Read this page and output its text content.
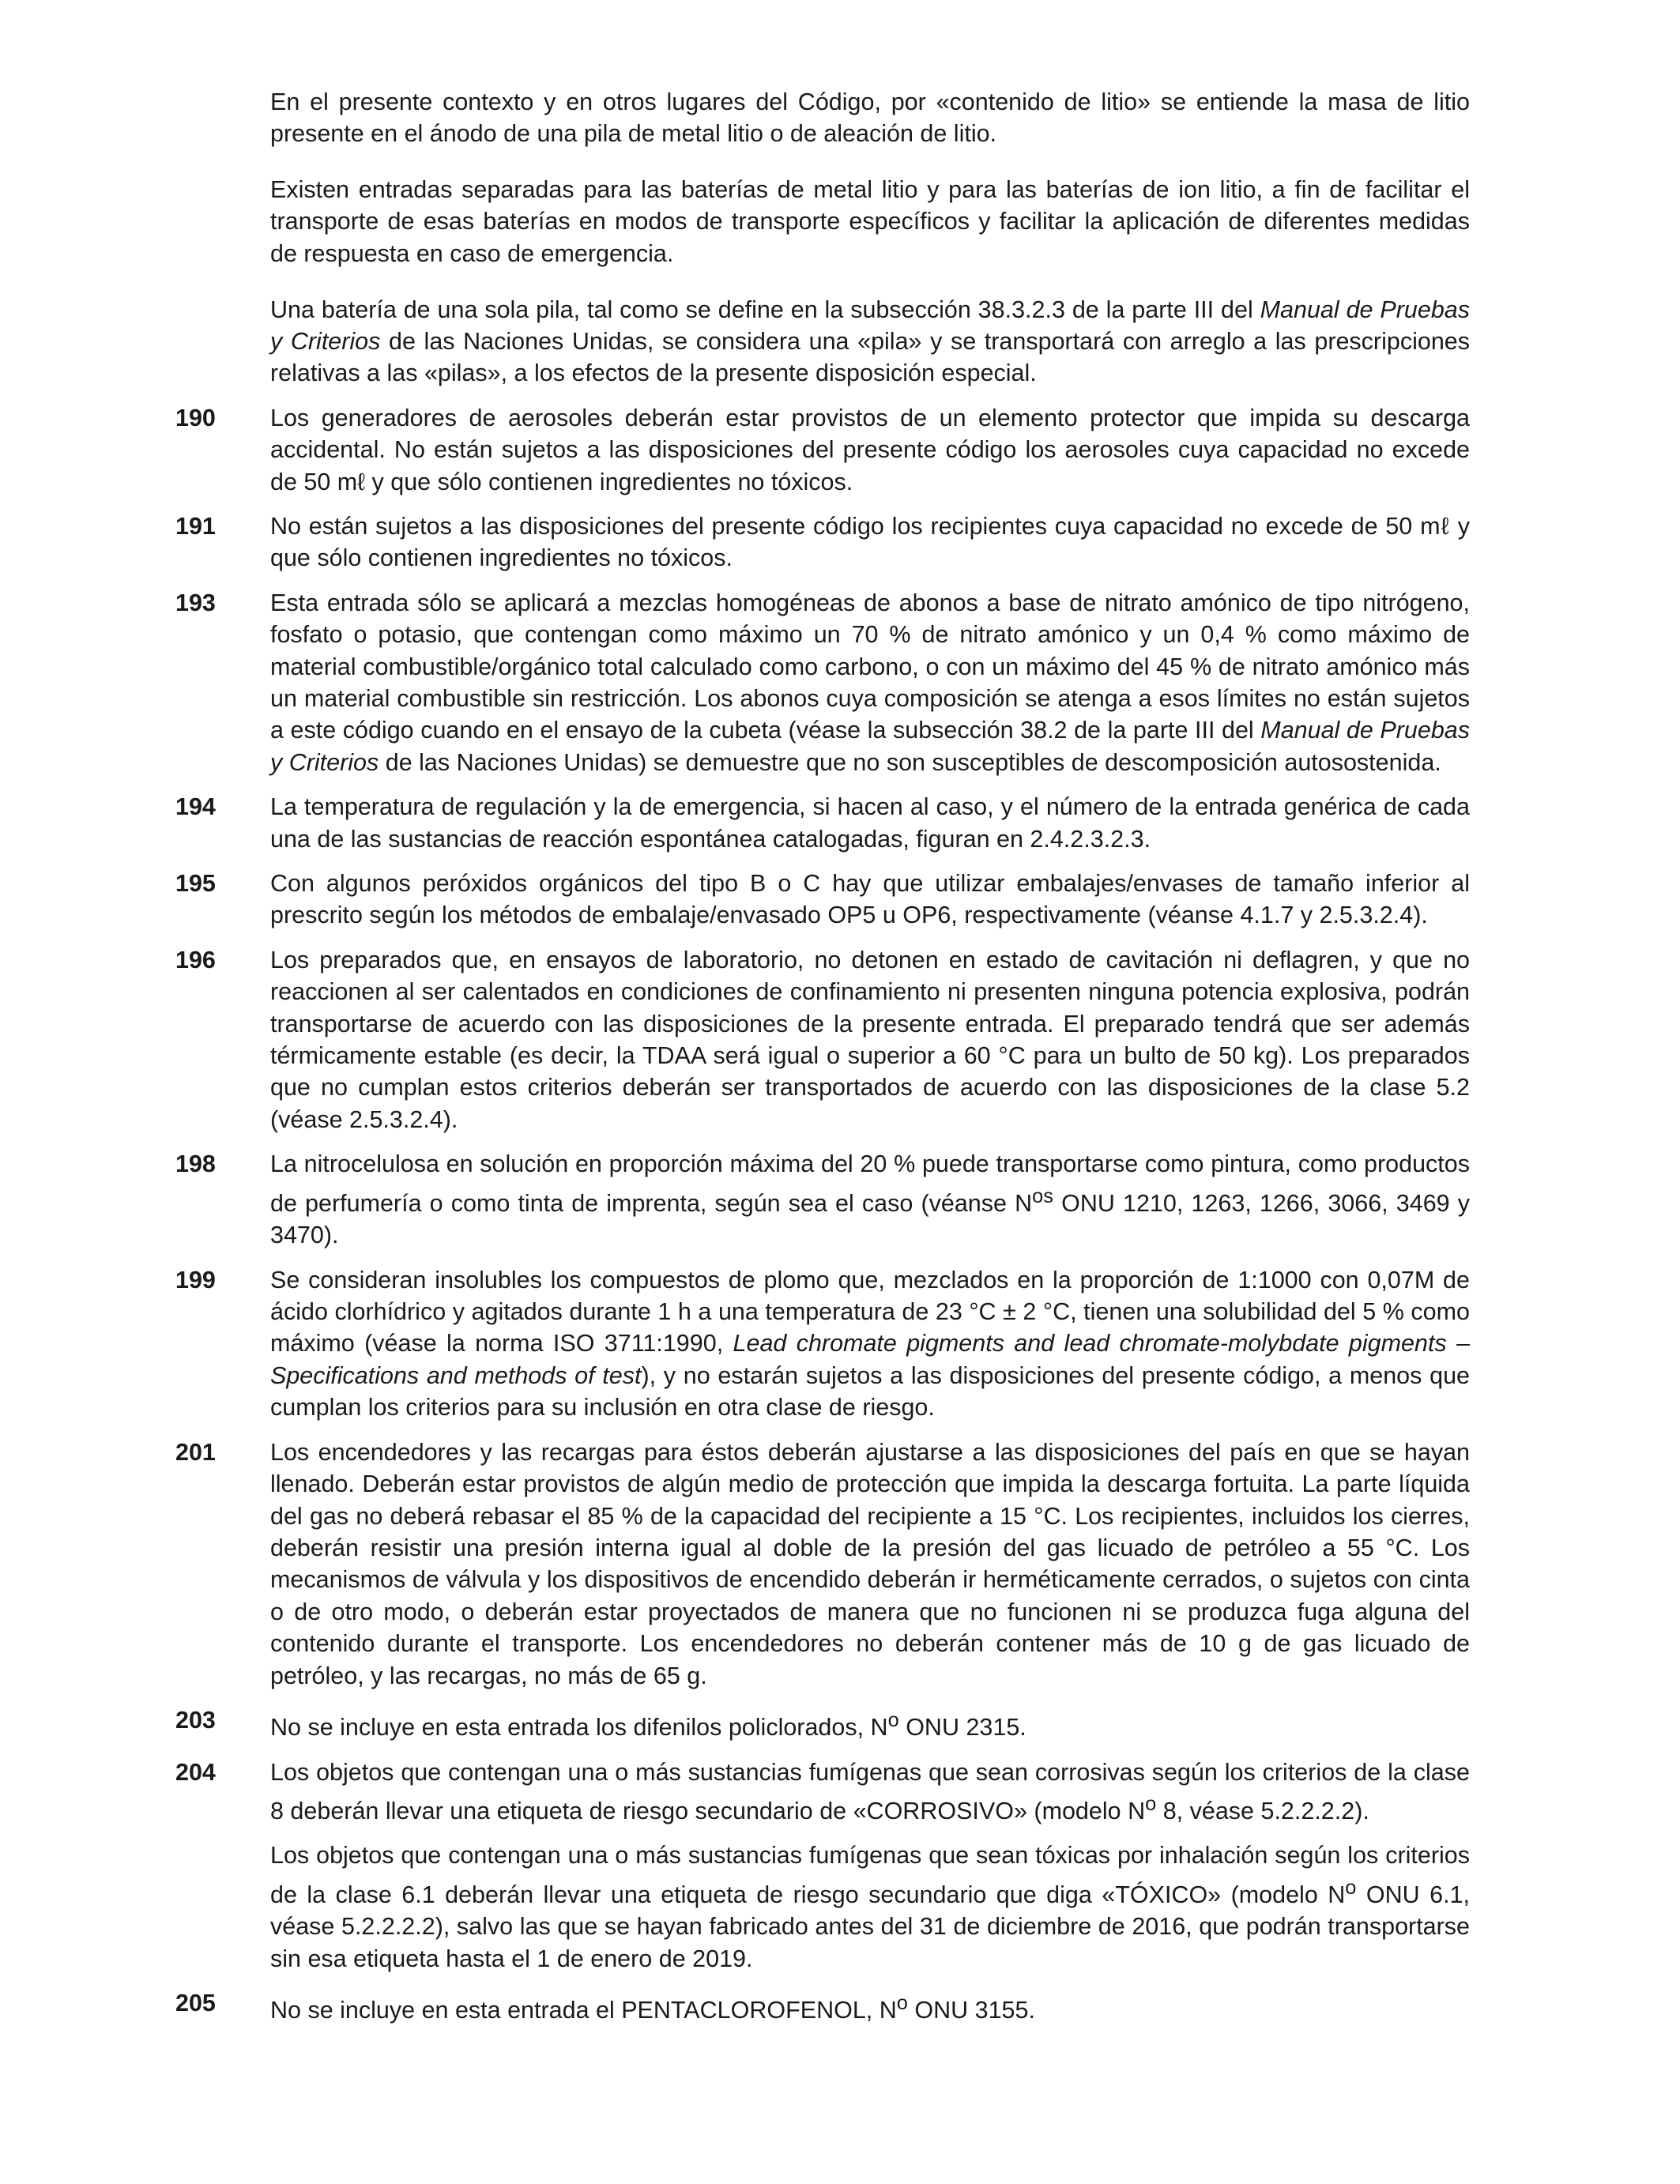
En el presente contexto y en otros lugares del Código, por «contenido de litio» se entiende la masa de litio presente en el ánodo de una pila de metal litio o de aleación de litio.

Existen entradas separadas para las baterías de metal litio y para las baterías de ion litio, a fin de facilitar el transporte de esas baterías en modos de transporte específicos y facilitar la aplicación de diferentes medidas de respuesta en caso de emergencia.

Una batería de una sola pila, tal como se define en la subsección 38.3.2.3 de la parte III del Manual de Pruebas y Criterios de las Naciones Unidas, se considera una «pila» y se transportará con arreglo a las prescripciones relativas a las «pilas», a los efectos de la presente disposición especial.

190	Los generadores de aerosoles deberán estar provistos de un elemento protector que impida su descarga accidental. No están sujetos a las disposiciones del presente código los aerosoles cuya capacidad no excede de 50 mℓ y que sólo contienen ingredientes no tóxicos.
191	No están sujetos a las disposiciones del presente código los recipientes cuya capacidad no excede de 50 mℓ y que sólo contienen ingredientes no tóxicos.
193	Esta entrada sólo se aplicará a mezclas homogéneas de abonos a base de nitrato amónico de tipo nitrógeno, fosfato o potasio, que contengan como máximo un 70 % de nitrato amónico y un 0,4 % como máximo de material combustible/orgánico total calculado como carbono, o con un máximo del 45 % de nitrato amónico más un material combustible sin restricción. Los abonos cuya composición se atenga a esos límites no están sujetos a este código cuando en el ensayo de la cubeta (véase la subsección 38.2 de la parte III del Manual de Pruebas y Criterios de las Naciones Unidas) se demuestre que no son susceptibles de descomposición autosostenida.
194	La temperatura de regulación y la de emergencia, si hacen al caso, y el número de la entrada genérica de cada una de las sustancias de reacción espontánea catalogadas, figuran en 2.4.2.3.2.3.
195	Con algunos peróxidos orgánicos del tipo B o C hay que utilizar embalajes/envases de tamaño inferior al prescrito según los métodos de embalaje/envasado OP5 u OP6, respectivamente (véanse 4.1.7 y 2.5.3.2.4).
196	Los preparados que, en ensayos de laboratorio, no detonen en estado de cavitación ni deflagren, y que no reaccionen al ser calentados en condiciones de confinamiento ni presenten ninguna potencia explosiva, podrán transportarse de acuerdo con las disposiciones de la presente entrada. El preparado tendrá que ser además térmicamente estable (es decir, la TDAA será igual o superior a 60 °C para un bulto de 50 kg). Los preparados que no cumplan estos criterios deberán ser transportados de acuerdo con las disposiciones de la clase 5.2 (véase 2.5.3.2.4).
198	La nitrocelulosa en solución en proporción máxima del 20 % puede transportarse como pintura, como productos de perfumería o como tinta de imprenta, según sea el caso (véanse $N^{os}$ ONU 1210, 1263, 1266, 3066, 3469 y 3470).
199	Se consideran insolubles los compuestos de plomo que, mezclados en la proporción de 1:1000 con 0,07M de ácido clorhídrico y agitados durante 1 h a una temperatura de 23 °C ± 2 °C, tienen una solubilidad del 5 % como máximo (véase la norma ISO 3711:1990, Lead chromate pigments and lead chromate-molybdate pigments – Specifications and methods of test), y no estarán sujetos a las disposiciones del presente código, a menos que cumplan los criterios para su inclusión en otra clase de riesgo.
201	Los encendedores y las recargas para éstos deberán ajustarse a las disposiciones del país en que se hayan llenado. Deberán estar provistos de algún medio de protección que impida la descarga fortuita. La parte líquida del gas no deberá rebasar el 85 % de la capacidad del recipiente a 15 °C. Los recipientes, incluidos los cierres, deberán resistir una presión interna igual al doble de la presión del gas licuado de petróleo a 55 °C. Los mecanismos de válvula y los dispositivos de encendido deberán ir herméticamente cerrados, o sujetos con cinta o de otro modo, o deberán estar proyectados de manera que no funcionen ni se produzca fuga alguna del contenido durante el transporte. Los encendedores no deberán contener más de 10 g de gas licuado de petróleo, y las recargas, no más de 65 g.
203	No se incluye en esta entrada los difenilos policlorados, $N^o$ ONU 2315.
204	Los objetos que contengan una o más sustancias fumígenas que sean corrosivas según los criterios de la clase 8 deberán llevar una etiqueta de riesgo secundario de «CORROSIVO» (modelo $N^o$ 8, véase 5.2.2.2.2).
Los objetos que contengan una o más sustancias fumígenas que sean tóxicas por inhalación según los criterios de la clase 6.1 deberán llevar una etiqueta de riesgo secundario que diga «TÓXICO» (modelo $N^o$ ONU 6.1, véase 5.2.2.2.2), salvo las que se hayan fabricado antes del 31 de diciembre de 2016, que podrán transportarse sin esa etiqueta hasta el 1 de enero de 2019.
205	No se incluye en esta entrada el PENTACLOROFENOL, $N^o$ ONU 3155.
